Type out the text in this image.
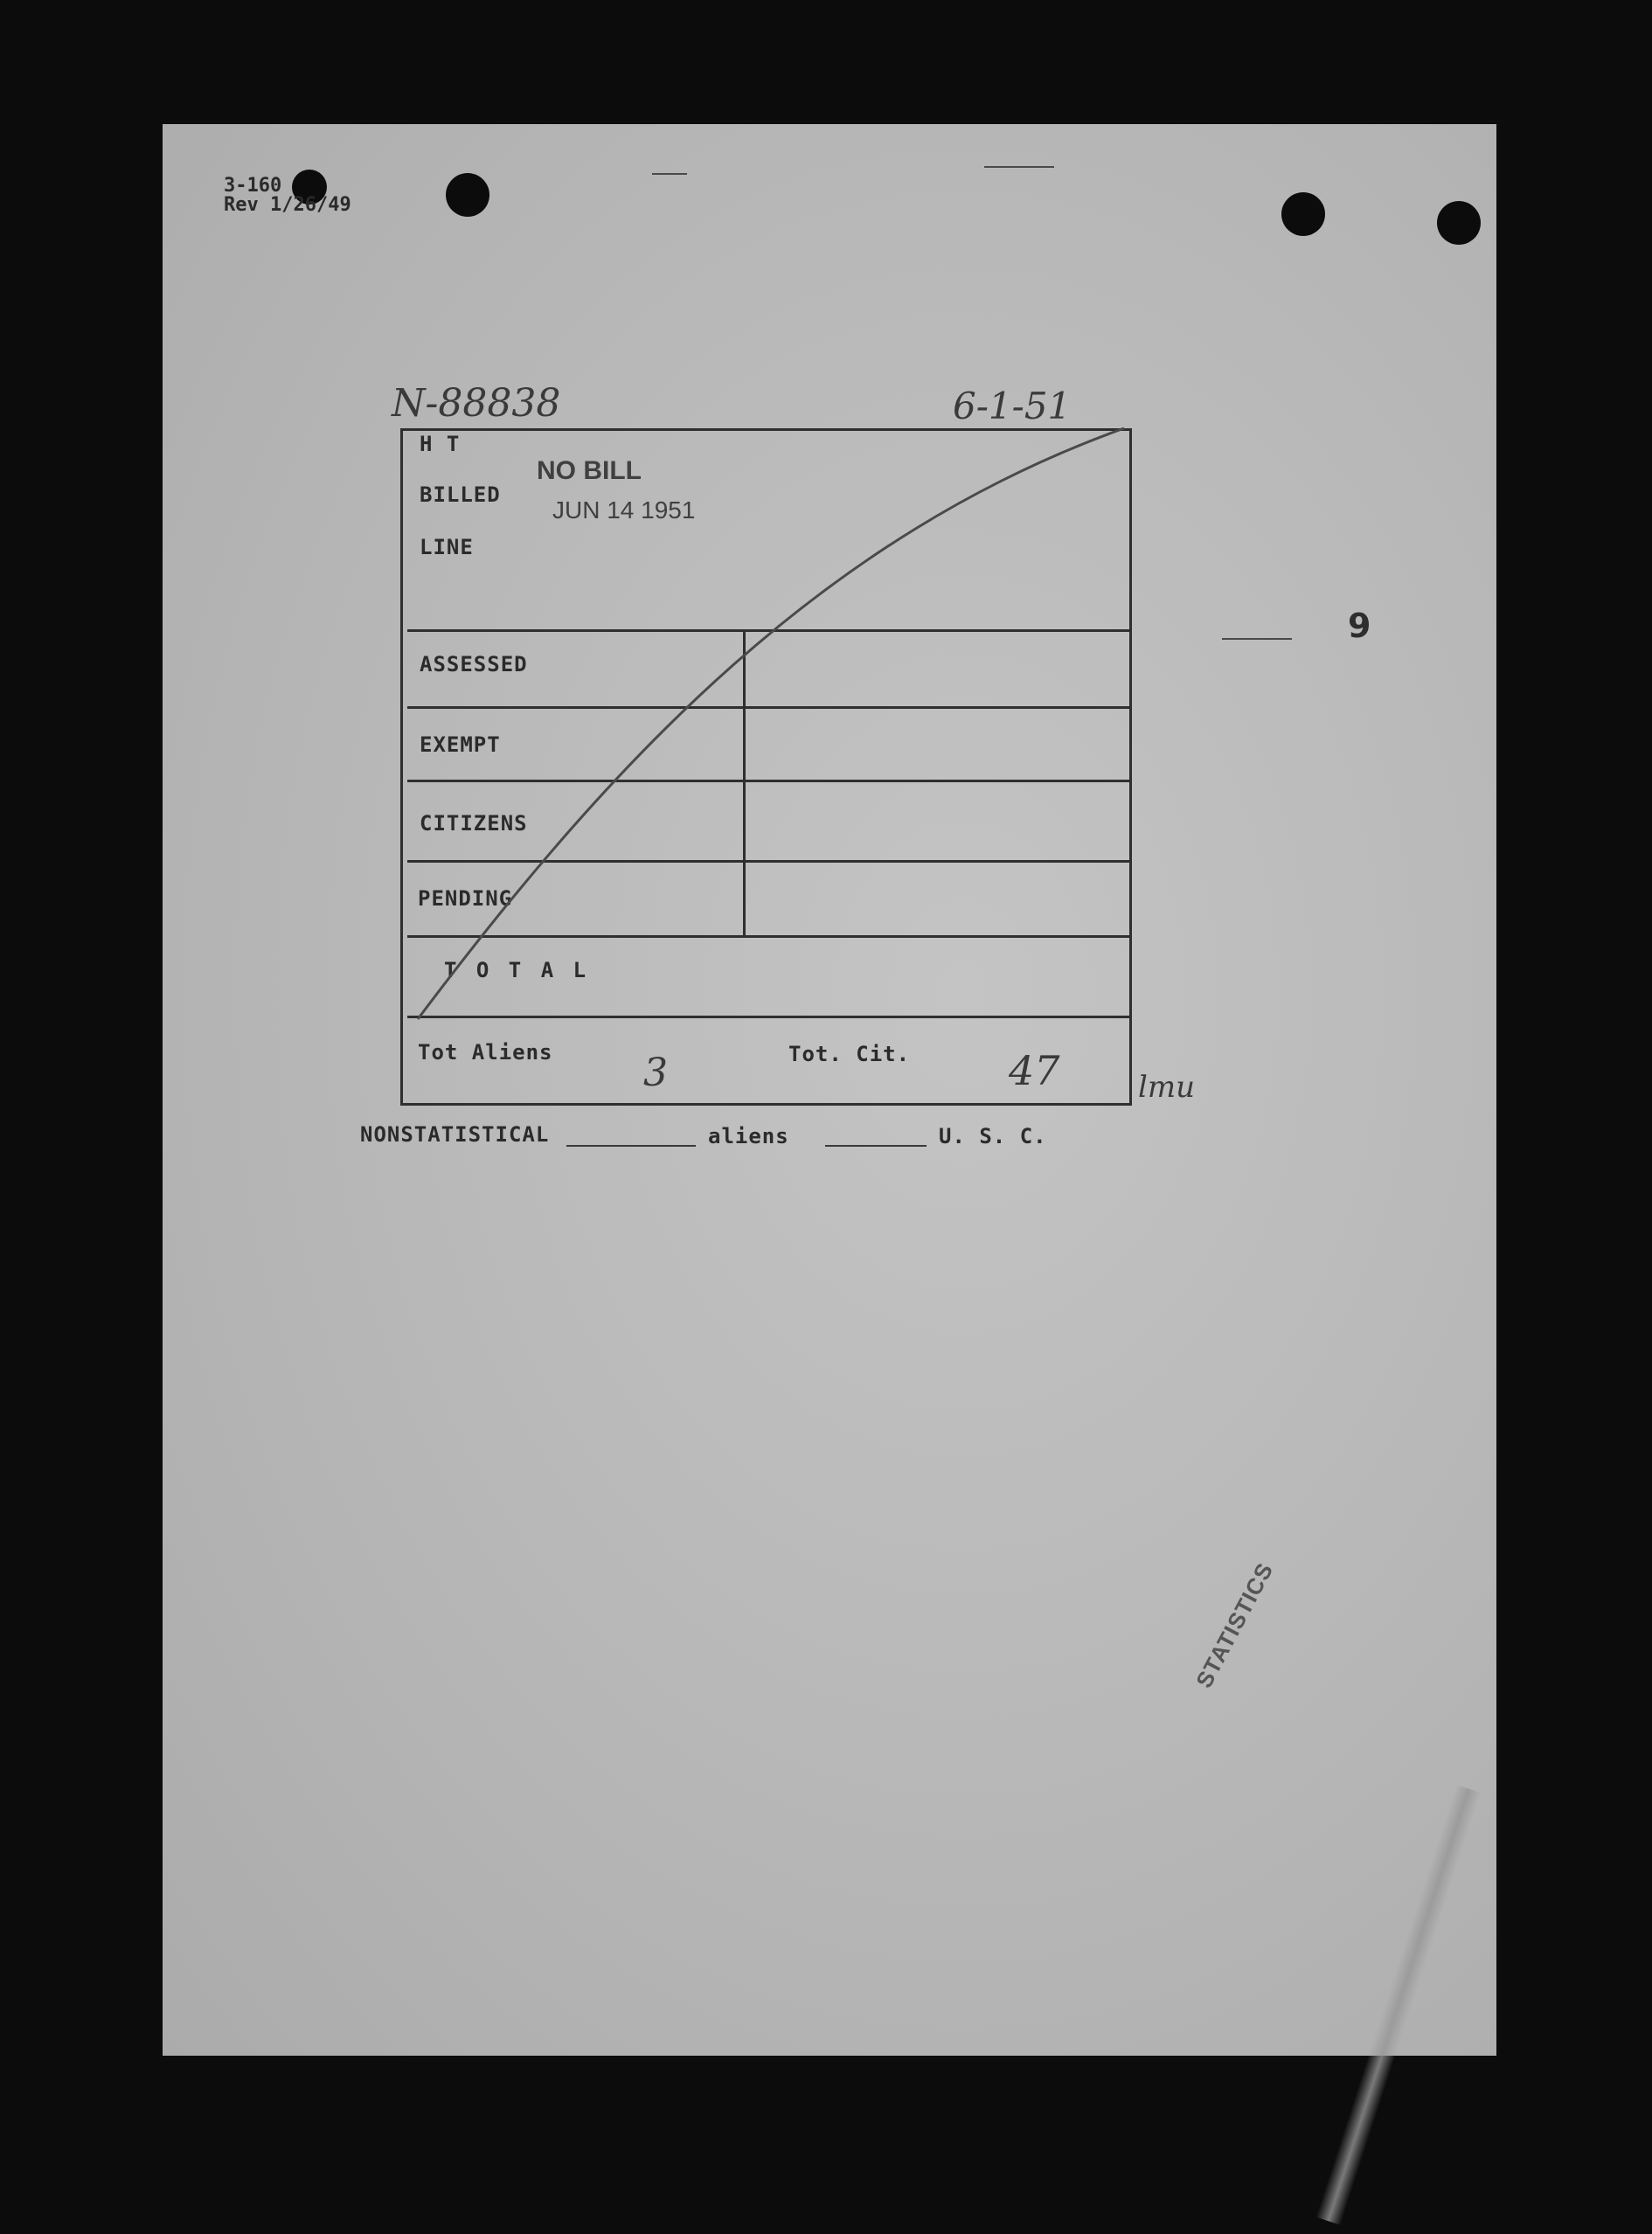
3-160
Rev 1/26/49
N-88838	6-1-51
NO BILL
JUN 14 1951
H T
BILLED
LINE
ASSESSED
EXEMPT
CITIZENS
PENDING
T O T A L
Tot Aliens	Tot. Cit.
3	47	lmu
NONSTATISTICAL	aliens	U. S. C.
9
STATISTICS
